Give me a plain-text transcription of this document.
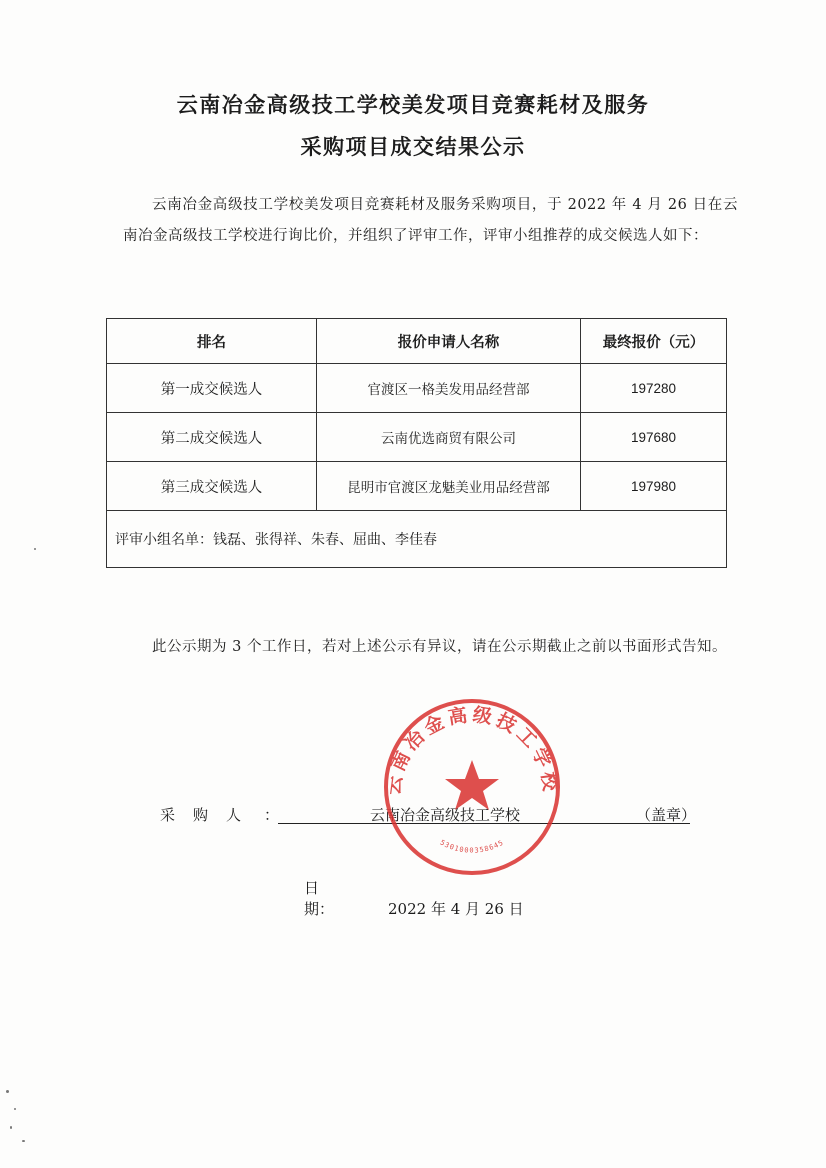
云南冶金高级技工学校美发项目竞赛耗材及服务
采购项目成交结果公示
云南冶金高级技工学校美发项目竞赛耗材及服务采购项目，于 2022 年 4 月 26 日在云南冶金高级技工学校进行询比价，并组织了评审工作，评审小组推荐的成交候选人如下：
排名	报价申请人名称	最终报价（元）
第一成交候选人	官渡区一格美发用品经营部	197280
第二成交候选人	云南优选商贸有限公司	197680
第三成交候选人	昆明市官渡区龙魅美业用品经营部	197980
评审小组名单：钱磊、张得祥、朱春、屈曲、李佳春		
此公示期为 3 个工作日，若对上述公示有异议，请在公示期截止之前以书面形式告知。
采购人 ：	云南冶金高级技工学校	（盖章）
日　　　期：	2022 年 4 月 26 日
云南冶金高级技工学校
5301000358645
